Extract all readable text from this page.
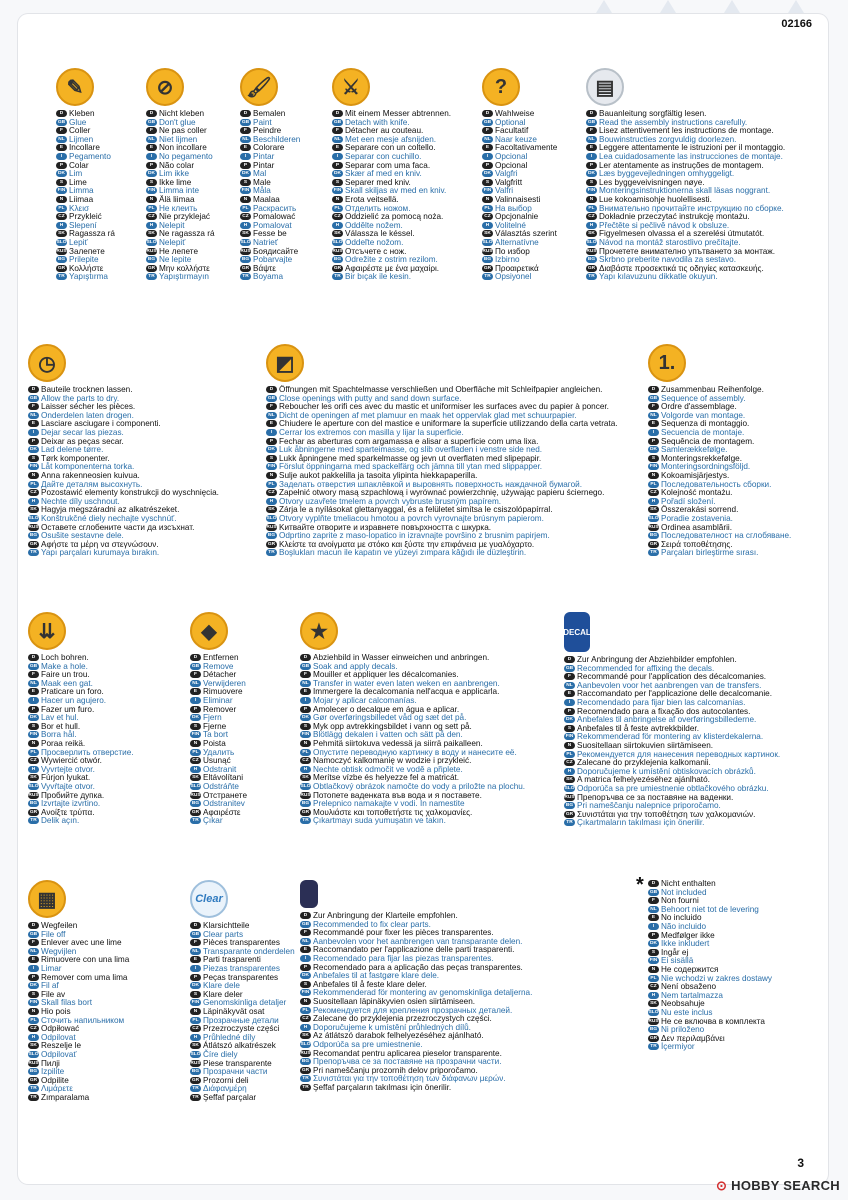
02166
✎
D Kleben
GB Glue
F Coller
NL Lijmen
E Incollare
I Pegamento
P Colar
DK Lim
S Lime
FIN Limma
N Liimaa
PL Κλεισ
CZ Przykleić
H Slepení
SK Ragassza rá
SLO Lepiť
RUS Залепете
BG Prilepite
GR Κολλήστε
TR Yapıştırma
⊘
D Nicht kleben
GB Don't glue
F Ne pas coller
NL Niet lijmen
E Non incollare
I No pegamento
P Não colar
DK Lim ikke
S Ikke lime
FIN Limma inte
N Älä liimaa
PL Не клеить
CZ Nie przyklejać
H Nelepit
SK Ne ragassza rá
SLO Nelepiť
RUS Не лепете
BG Ne lepite
GR Μην κολλήστε
TR Yapıştırmayın
🖌
D Bemalen
GB Paint
F Peindre
NL Beschilderen
E Colorare
I Pintar
P Pintar
DK Mal
S Male
FIN Måla
N Maalaa
PL Раскрасить
CZ Pomalować
H Pomalovat
SK Fesse be
SLO Natrieť
RUS Боядисайте
BG Pobarvajte
GR Βάψτε
TR Boyama
⚔
D Mit einem Messer abtrennen.
GB Detach with knife.
F Détacher au couteau.
NL Met een mesje afsnijden.
E Separare con un coltello.
I Separar con cuchillo.
P Separar com uma faca.
DK Skær af med en kniv.
S Separer med kniv.
FIN Skall skiljas av med en kniv.
N Erota veitsellä.
PL Отделить ножом.
CZ Oddzielić za pomocą noża.
H Oddělte nožem.
SK Válassza le késsel.
SLO Oddeľte nožom.
RUS Отсъчете с нож.
BG Odrežite z ostrim rezilom.
GR Αφαιρέστε με ένα μαχαίρι.
TR Bir bıçak ile kesin.
?
D Wahlweise
GB Optional
F Facultatif
NL Naar keuze
E Facoltativamente
I Opcional
P Opcional
DK Valgfri
S Valgfritt
FIN Valfri
N Valinnaisesti
PL На выбор
CZ Opcjonalnie
H Volitelné
SK Választás szerint
SLO Alternatívne
RUS По избор
BG Izbirno
GR Προαιρετικά
TR Opsiyonel
▤
D Bauanleitung sorgfältig lesen.
GB Read the assembly instructions carefully.
F Lisez attentivement les instructions de montage.
NL Bouwinstructies zorgvuldig doorlezen.
E Leggere attentamente le istruzioni per il montaggio.
I Lea cuidadosamente las instrucciones de montaje.
P Ler atentamente as instruções de montagem.
DK Læs byggevejledningen omhyggeligt.
S Les byggeveivisningen nøye.
FIN Monteringsinstruktionerna skall läsas noggrant.
N Lue kokoamisohje huolellisesti.
PL Внимательно прочитайте инструкцию по сборке.
CZ Dokładnie przeczytać instrukcję montażu.
H Přečtěte si pečlivě návod k obsluze.
SK Figyelmesen olvassa el a szerelési útmutatót.
SLO Návod na montáž starostlivo prečítajte.
RUS Прочетете внимателно упътването за монтаж.
BG Skrbno preberite navodila za sestavo.
GR Διαβάστε προσεκτικά τις οδηγίες κατασκευής.
TR Yapı kılavuzunu dikkatle okuyun.
◷
D Bauteile trocknen lassen.
GB Allow the parts to dry.
F Laisser sécher les pièces.
NL Onderdelen laten drogen.
E Lasciare asciugare i componenti.
I Dejar secar las piezas.
P Deixar as peças secar.
DK Lad delene tørre.
S Tørk komponenter.
FIN Låt komponenterna torka.
N Anna rakenneosien kuivua.
PL Дайте деталям высохнуть.
CZ Pozostawić elementy konstrukcji do wyschnięcia.
H Nechte díly uschnout.
SK Hagyja megszáradni az alkatrészeket.
SLO Konštrukčné diely nechajte vyschnúť.
RUS Оставете сглобените части да изсъхнат.
BG Osušite sestavne dele.
GR Αφήστε τα μέρη να στεγνώσουν.
TR Yapı parçaları kurumaya bırakın.
◩
D Öffnungen mit Spachtelmasse verschließen und Oberfläche mit Schleifpapier angleichen.
GB Close openings with putty and sand down surface.
F Reboucher les orifi ces avec du mastic et uniformiser les surfaces avec du papier à poncer.
NL Dicht de openingen af met plamuur en maak het oppervlak glad met schuurpapier.
E Chiudere le aperture con del mastice e uniformare la superficie utilizzando della carta vetrata.
I Cerrar los extremos con masilla y lijar la superficie.
P Fechar as aberturas com argamassa e alisar a superficie com uma lixa.
DK Luk åbningerne med sparteimasse, og slib overfladen i venstre side ned.
S Lukk åpningene med sparkelmasse og jevn ut overflaten med slipepapir.
FIN Förslut öppningarna med spackelfärg och jämna till ytan med slippapper.
N Sulje aukot pakkelilla ja tasoita ylipinta hiekkapaperilla.
PL Заделать отверстия шпаклёвкой и выровнять поверхность наждачной бумагой.
CZ Zapełnić otwory masą szpachlową i wyrównać powierzchnię, używając papieru ściernego.
H Otvory uzavřete tmelem a povrch vybruste brusným papírem.
SK Zárja le a nyílásokat glettanyaggal, és a felületet simítsa le csiszolópapírral.
SLO Otvory vyplňte tmeliacou hmotou a povrch vyrovnajte brúsnym papierom.
RUS Kитвайте отворите и изравнете повърхността с шкурка.
BG Odprtino zaprite z maso-lopatico in izravnajte površino z brusnim papirjem.
GR Κλείστε τα ανοίγματα με στόκο και ξύστε την επιφάνεια με γυαλόχαρτο.
TR Boşlukları macun ile kapatın ve yüzeyi zımpara kâğıdı ile düzleştirin.
1.
D Zusammenbau Reihenfolge.
GB Sequence of assembly.
F Ordre d'assemblage.
NL Volgorde van montage.
E Sequenza di montaggio.
I Secuencia de montaje.
P Sequência de montagem.
DK Samlerækkefølge.
S Monteringsrekkefølge.
FIN Monteringsordningsföljd.
N Kokoamisjärjestys.
PL Последовательность сборки.
CZ Kolejność montażu.
H Pořadí složení.
SK Összerakási sorrend.
SLO Poradie zostavenia.
RUS Ordinea asamblării.
BG Последователност на сглобяване.
GR Σειρά τοποθέτησης.
TR Parçaları birleştirme sırası.
⇊
D Loch bohren.
GB Make a hole.
F Faire un trou.
NL Maak een gat.
E Praticare un foro.
I Hacer un agujero.
P Fazer um furo.
DK Lav et hul.
S Bor et hull.
FIN Borra hål.
N Poraa reikä.
PL Просверлить отверстие.
CZ Wywiercić otwór.
H Vyvrtejte otvor.
SK Fúrjon lyukat.
SLO Vyvŕtajte otvor.
RUS Пробийте дупка.
BG Izvrtajte izvrtino.
GR Ανοίξτε τρύπα.
TR Delik açın.
◆
D Entfernen
GB Remove
F Détacher
NL Verwijderen
E Rimuovere
I Eliminar
P Remover
DK Fjern
S Fjerne
FIN Ta bort
N Poista
PL Удалить
CZ Usunąć
H Odstranit
SK Eltávolítani
SLO Odstráňte
RUS Отстранете
BG Odstranitev
GR Αφαιρέστε
TR Çıkar
★
D Abziehbild in Wasser einweichen und anbringen.
GB Soak and apply decals.
F Mouiller et appliquer les décalcomanies.
NL Transfer in water even laten weken en aanbrengen.
E Immergere la decalcomania nell'acqua e applicarla.
I Mojar y aplicar calcomanías.
P Amolecer o decalque em água e aplicar.
DK Gør overføringsbilledet våd og sæt det på.
S Myk opp avtrekkingsbildet i vann og sett på.
FIN Blötlägg dekalen i vatten och sätt på den.
N Pehmitä siirtokuva vedessä ja siirrä paikalleen.
PL Опустите переводную картинку в воду и нанесите её.
CZ Namoczyć kalkomanię w wodzie i przykleić.
H Nechte obtisk odmočit ve vodě a připlete.
SK Merítse vízbe és helyezze fel a matricát.
SLO Obtlačkový obrázok namočte do vody a priložte na plochu.
RUS Потопете ваденката във вода и я поставете.
BG Prelepnico namakajte v vodi. In namestite
GR Μουλιάστε και τοποθετήστε τις χαλκομανίες.
TR Çıkartmayı suda yumuşatın ve takın.
DECAL
D Zur Anbringung der Abziehbilder empfohlen.
GB Recommended for affixing the decals.
F Recommandé pour l'application des décalcomanies.
NL Aanbevolen voor het aanbrengen van de transfers.
E Raccomandato per l'applicazione delle decalcomanie.
I Recomendado para fijar bien las calcomanías.
P Recomendado para a fixação dos autocolantes.
DK Anbefales til anbringelse af overføringsbillederne.
S Anbefales til å feste avtrekkbilder.
FIN Rekommenderad för montering av klisterdekalerna.
N Suositellaan siirtokuvien siirtämiseen.
PL Рекомендуется для нанесения переводных картинок.
CZ Zalecane do przyklejenia kalkomanii.
H Doporučujeme k umístění obtiskovacích obrázků.
SK A matrica felhelyezéséhez ajánlható.
SLO Odporúča sa pre umiestnenie obtlačkového obrázku.
RUS Препоръчва се за поставяне на ваденки.
BG Pri namešĉanju nalepnice priporočamo.
GR Συνιστάται για την τοποθέτηση των χαλκομανιών.
TR Çıkartmaların takılması için önerilir.
▦
D Wegfeilen
GB File off
F Enlever avec une lime
NL Wegvijlen
E Rimuovere con una lima
I Limar
P Remover com uma lima
DK Fil af
S File av
FIN Skall filas bort
N Hio pois
PL Сточить напильником
CZ Odpiłować
H Odpilovat
SK Reszelje le
SLO Odpilovať
RUS Пилji
BG Izpilite
GR Odpilite
TR Λιμάρετε
TR Zımparalama
Clear
D Klarsichtteile
GB Clear parts
F Pièces transparentes
NL Transparante onderdelen
E Parti trasparenti
I Piezas transparentes
P Peças transparentes
DK Klare dele
S Klare deler
FIN Genomskinliga detaljer
N Läpinäkyvät osat
PL Прозрачные детали
CZ Przezroczyste części
H Průhledné díly
SK Átlátszó alkatrészek
SLO Číre diely
RUS Piese transparente
BG Прозрачни части
GR Prozorni deli
TR Διάφανμέρη
TR Şeffaf parçalar
D Zur Anbringung der Klarteile empfohlen.
GB Recommended to fix clear parts.
F Recommandé pour fixer les pièces transparentes.
NL Aanbevolen voor het aanbrengen van transparante delen.
E Raccomandato per l'applicazione delle parti trasparenti.
I Recomendado para fijar las piezas transparentes.
P Recomendado para a aplicação das peças transparentes.
DK Anbefales til at fastgøre klare dele.
S Anbefales til å feste klare deler.
FIN Rekommenderad för montering av genomskinliga detaljerna.
N Suositellaan läpinäkyvien osien siirtämiseen.
PL Рекомендуется для крепления прозрачных деталей.
CZ Zalecane do przyklejenia przezroczystych części.
H Doporučujeme k umístění průhledných dílů.
SK Az átlátszó darabok felhelyezéséhez ajánlható.
SLO Odporúča sa pre umiestnenie.
RUS Recomandat pentru aplicarea pieselor transparente.
BG Препоръчва се за поставяне на прозрачни части.
GR Pri namešĉanju prozornih delov priporočamo.
TR Συνιστάται για την τοποθέτηση των διάφανων μερών.
TR Şeffaf parçaların takılması için önerilir.
*	D Nicht enthalten
GB Not included
F Non fourni
NL Behoort niet tot de levering
E No incluido
I Não incluido
P Medfølger ikke
DK Ikke inkludert
S Ingår ej
FIN Ei sisällä
N Не содержится
PL Nie wchodzi w zakres dostawy
CZ Není obsaženo
H Nem tartalmazza
SK Neobsahuje
SLO Nu este inclus
RUS Не се включва в комплекта
BG Ni priloženo
GR Δεν περιλαμβάνει
TR İçermiyor
3
⊙ HOBBY SEARCH
